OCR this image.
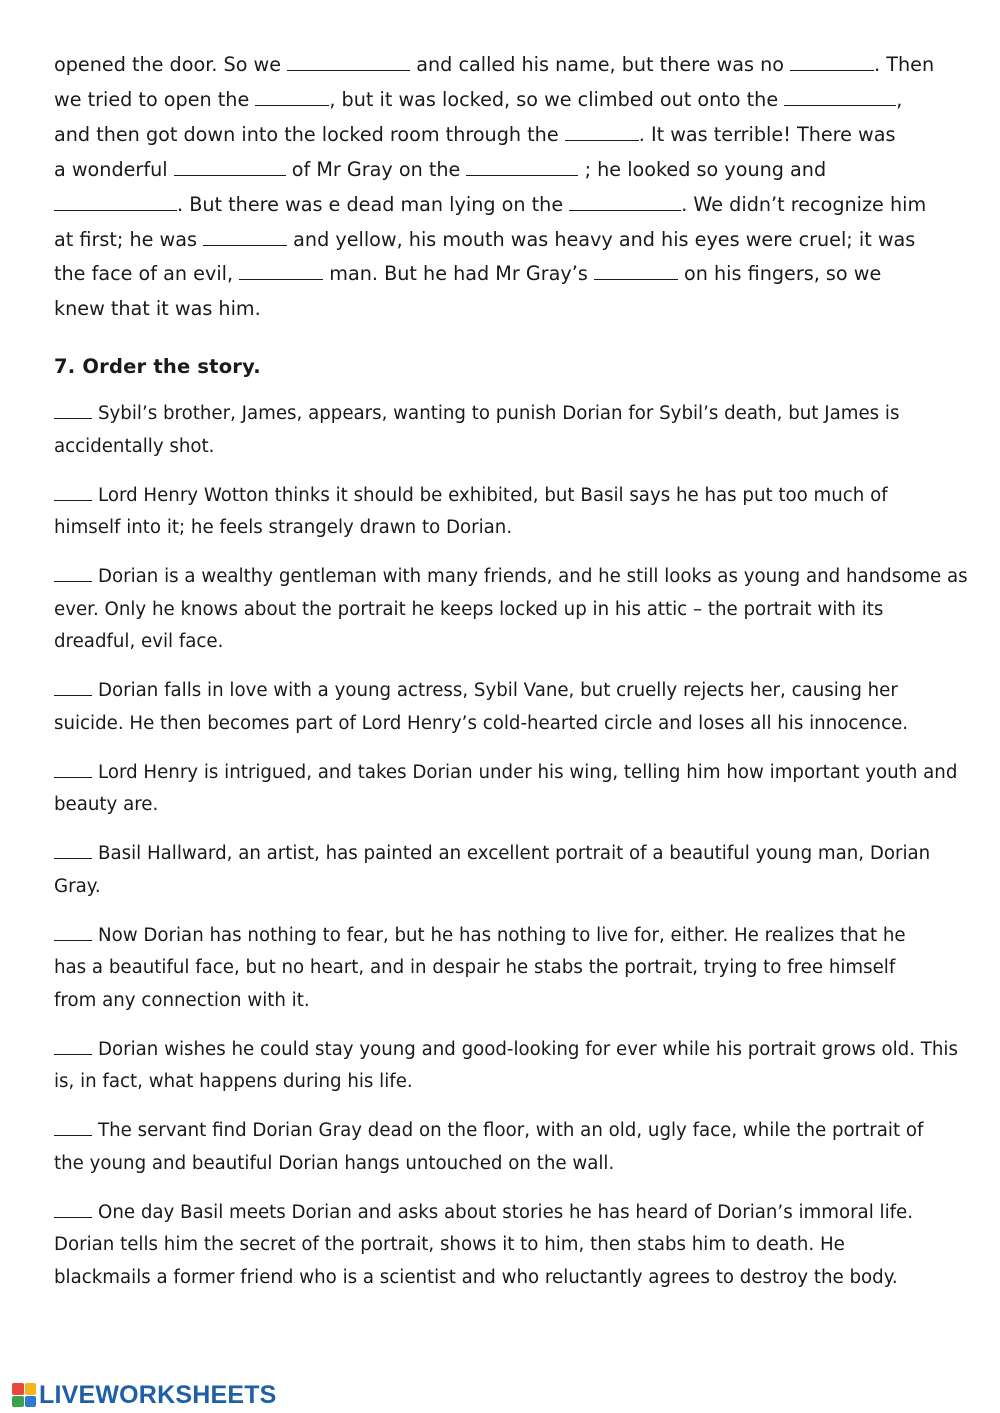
opened the door. So we	and called his name, but there was no	. Then
we tried to open the	, but it was locked, so we climbed out onto the	,
and then got down into the locked room through the	. It was terrible! There was
a wonderful	of Mr Gray on the	; he looked so young and
. But there was e dead man lying on the	. We didn’t recognize him
at first; he was	and yellow, his mouth was heavy and his eyes were cruel; it was
the face of an evil,	man. But he had Mr Gray’s	on his fingers, so we
knew that it was him.
7. Order the story.
Sybil’s brother, James, appears, wanting to punish Dorian for Sybil’s death, but James is
accidentally shot.
Lord Henry Wotton thinks it should be exhibited, but Basil says he has put too much of
himself into it; he feels strangely drawn to Dorian.
Dorian is a wealthy gentleman with many friends, and he still looks as young and handsome as
ever. Only he knows about the portrait he keeps locked up in his attic – the portrait with its
dreadful, evil face.
Dorian falls in love with a young actress, Sybil Vane, but cruelly rejects her, causing her
suicide. He then becomes part of Lord Henry’s cold-hearted circle and loses all his innocence.
Lord Henry is intrigued, and takes Dorian under his wing, telling him how important youth and
beauty are.
Basil Hallward, an artist, has painted an excellent portrait of a beautiful young man, Dorian
Gray.
Now Dorian has nothing to fear, but he has nothing to live for, either. He realizes that he
has a beautiful face, but no heart, and in despair he stabs the portrait, trying to free himself
from any connection with it.
Dorian wishes he could stay young and good-looking for ever while his portrait grows old. This
is, in fact, what happens during his life.
The servant find Dorian Gray dead on the floor, with an old, ugly face, while the portrait of
the young and beautiful Dorian hangs untouched on the wall.
One day Basil meets Dorian and asks about stories he has heard of Dorian’s immoral life.
Dorian tells him the secret of the portrait, shows it to him, then stabs him to death. He
blackmails a former friend who is a scientist and who reluctantly agrees to destroy the body.
LIVEWORKSHEETS
